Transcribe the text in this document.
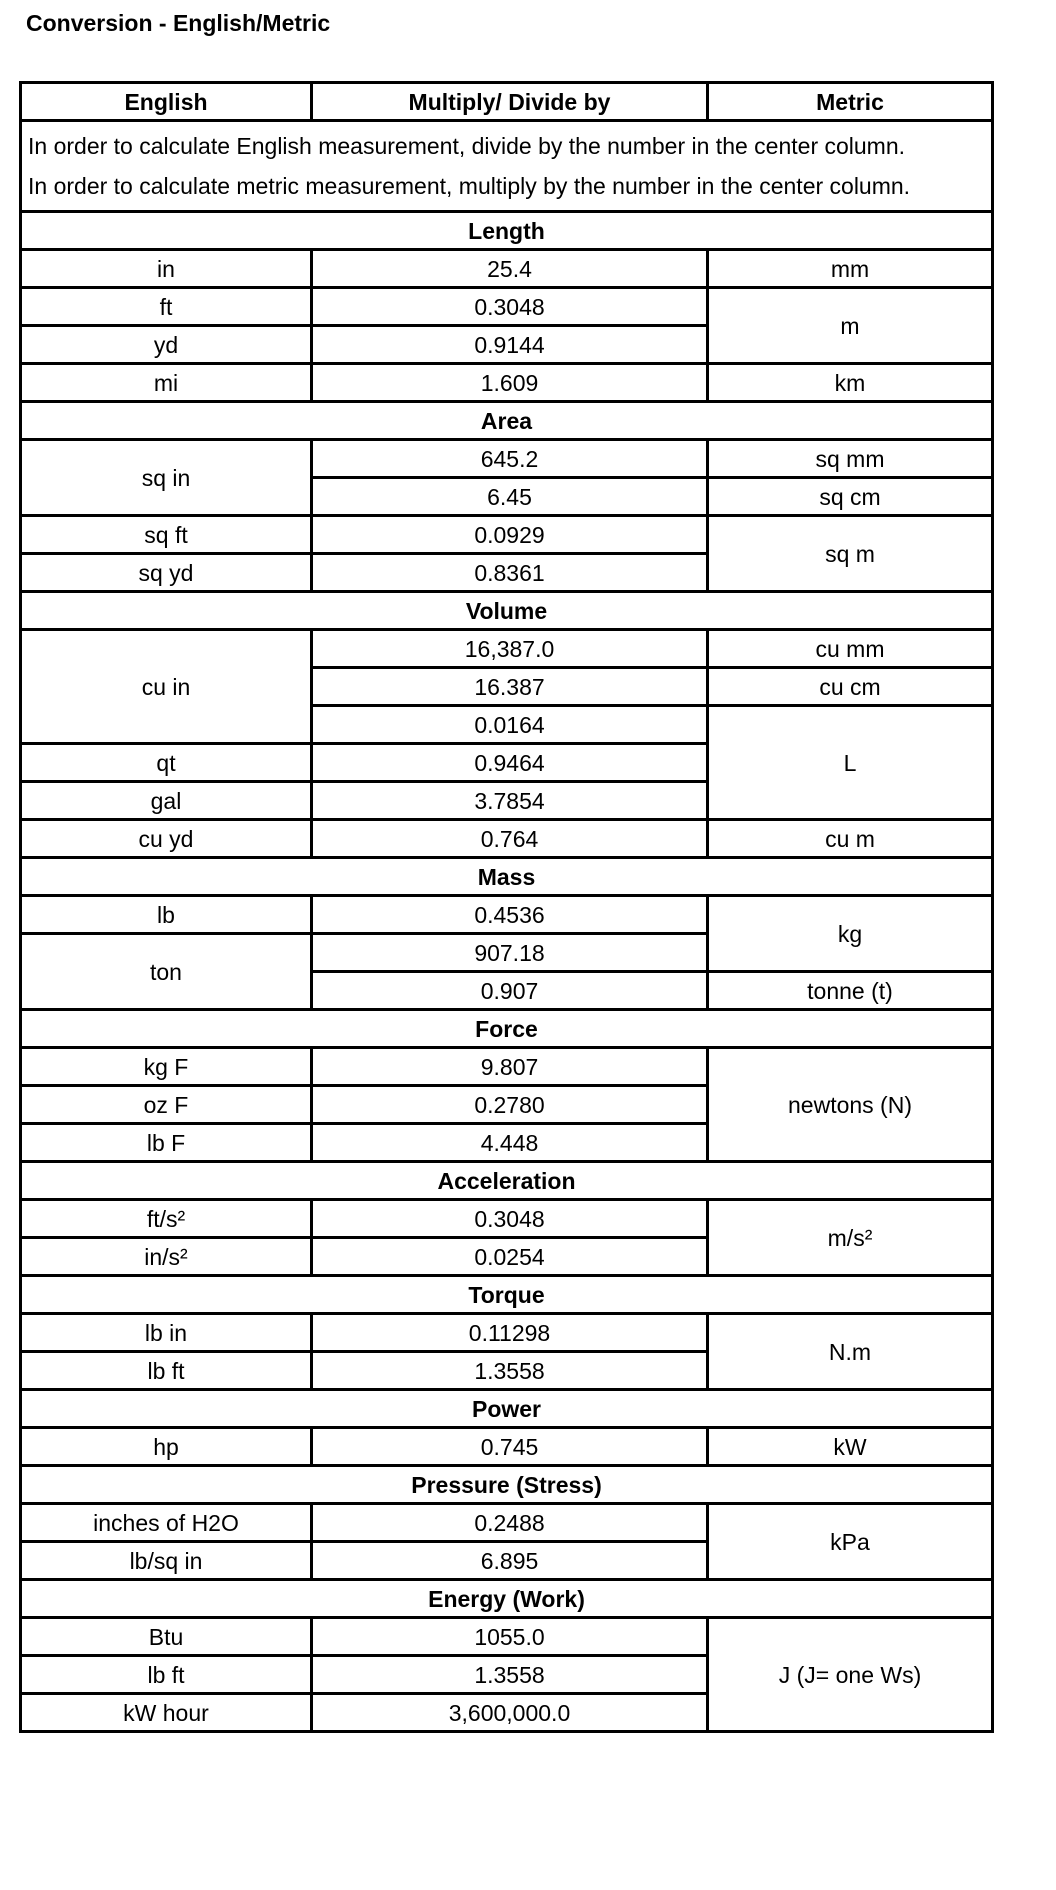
Conversion - English/Metric
English	Multiply/ Divide by	Metric

In order to calculate English measurement, divide by the number in the center column.
In order to calculate metric measurement, multiply by the number in the center column.		

Length		
in	25.4	mm
ft	0.3048	m
yd	0.9144	
mi	1.609	km
Area		
sq in	645.2	sq mm
	6.45	sq cm
sq ft	0.0929	sq m
sq yd	0.8361	
Volume		
cu in	16,387.0	cu mm
	16.387	cu cm
	0.0164	L
qt	0.9464	
gal	3.7854	
cu yd	0.764	cu m
Mass		
lb	0.4536	kg
ton	907.18	
	0.907	tonne (t)
Force		
kg F	9.807	newtons (N)
oz F	0.2780	
lb F	4.448	
Acceleration		
ft/s²	0.3048	m/s²
in/s²	0.0254	
Torque		
lb in	0.11298	N.m
lb ft	1.3558	
Power		
hp	0.745	kW
Pressure (Stress)		
inches of H2O	0.2488	kPa
lb/sq in	6.895	
Energy (Work)		
Btu	1055.0	J (J= one Ws)
lb ft	1.3558	
kW hour	3,600,000.0	
